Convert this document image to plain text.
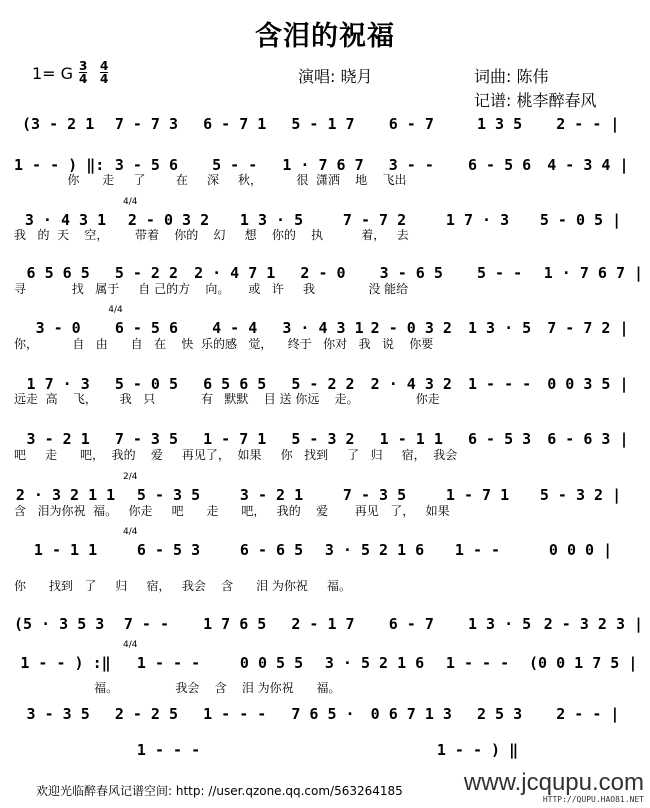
含泪的祝福
1= G 3
4
4
4	演唱: 晓月	词曲: 陈伟
记谱: 桃李醉春风
(3 - 2 1	7 - 7 3	6 - 7 1	5 - 1 7	6 - 7	1 3 5	2 - - |
1 - - ) ‖: 3 - 5 6	5 - -	1 · 7 6 7	3 - -	6 - 5 6	4 - 3 4 |
你      走     了        在     深     秋，         很  潇洒    地    飞出
3 · 4 3 1	2 - 0 3 2	1 3 · 5	7 - 7 2	1 7 · 3	5 - 0 5 |
4/4
我   的  天    空，       带着    你的    幻     想    你的    执          着，   去
6 5 6 5	5 - 2 2	2 · 4 7 1	2 - 0	3 - 6 5	5 - -	1 · 7 6 7 |
寻            找   属于     自 己的方    向。     或   许     我              没 能给
3 - 0	6 - 5 6	4 - 4	3 · 4 3 1 2 - 0 3 2	1 3 · 5	7 - 7 2 |
4/4
你，         自   由      自   在    快  乐的感   觉，    终于   你对   我   说    你要
1 7 · 3	5 - 0 5	6 5 6 5	5 - 2 2	2 · 4 3 2	1 - - -	0 0 3 5 |
远走  高    飞，      我   只            有   默默    目 送 你远    走。               你走
3 - 2 1	7 - 3 5	1 - 7 1	5 - 3 2	1 - 1 1	6 - 5 3	6 - 6 3 |
吧     走      吧，  我的    爱     再见了，  如果     你   找到     了   归     宿，  我会
2 · 3 2 1 1	5 - 3 5	3 - 2 1	7 - 3 5	1 - 7 1	5 - 3 2 |
2/4
含   泪为你祝  福。   你走     吧      走      吧，   我的    爱       再见   了，   如果
1 - 1 1	6 - 5 3	6 - 6 5	3 · 5 2 1 6	1 - -	0 0 0 |
4/4
你      找到   了     归     宿，   我会    含      泪 为你祝     福。
(5 · 3 5 3	7 - -	1 7 6 5	2 - 1 7	6 - 7	1 3 · 5 2 - 3 2 3 |
1 - - ) :‖	1 - - -	0 0 5 5	3 · 5 2 1 6	1 - - -	(0 0 1 7 5 |
4/4
福。               我会    含    泪 为你祝      福。
3 - 3 5	2 - 2 5	1 - - -	7 6 5 ·	0 6 7 1 3	2 5 3	2 - - |
1 - - -	1 - - ) ‖
欢迎光临醉春风记谱空间: http: //user.qzone.qq.com/563264185	www.jcqupu.com
HTTP://QUPU.HAO81.NET
